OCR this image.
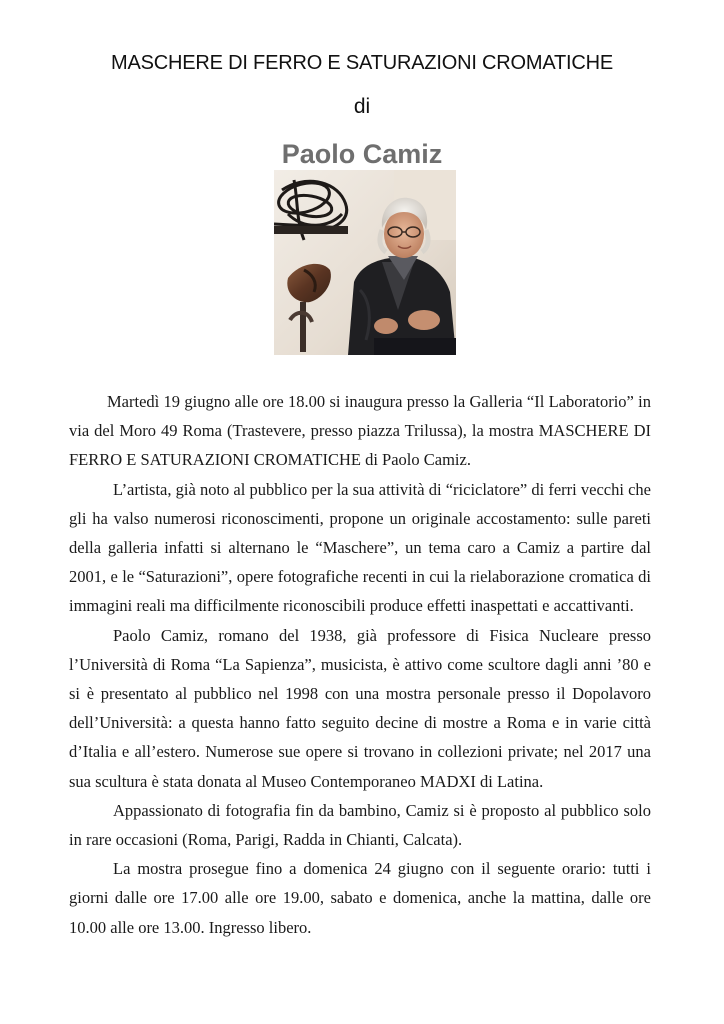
MASCHERE DI FERRO E SATURAZIONI CROMATICHE
di
Paolo Camiz

Martedì 19 giugno alle ore 18.00 si inaugura presso la Galleria “Il Laboratorio” in via del Moro 49 Roma (Trastevere, presso piazza Trilussa), la mostra MASCHERE DI FERRO E SATURAZIONI CROMATICHE di Paolo Camiz.

L’artista, già noto al pubblico per la sua attività di “riciclatore” di ferri vecchi che gli ha valso numerosi riconoscimenti, propone un originale accostamento: sulle pareti della galleria infatti si alternano le “Maschere”, un tema caro a Camiz a partire dal 2001, e le “Saturazioni”, opere fotografiche recenti in cui la rielaborazione cromatica di immagini reali ma difficilmente riconoscibili produce effetti inaspettati e accattivanti.

Paolo Camiz, romano del 1938, già professore di Fisica Nucleare presso l’Università di Roma “La Sapienza”, musicista, è attivo come scultore dagli anni ’80 e si è presentato al pubblico nel 1998 con una mostra personale presso il Dopolavoro dell’Università: a questa hanno fatto seguito decine di mostre a Roma e in varie città d’Italia e all’estero. Numerose sue opere si trovano in collezioni private; nel 2017 una sua scultura è stata donata al Museo Contemporaneo MADXI di Latina.

Appassionato di fotografia fin da bambino, Camiz si è proposto al pubblico solo in rare occasioni (Roma, Parigi, Radda in Chianti, Calcata).

La mostra prosegue fino a domenica 24 giugno con il seguente orario: tutti i giorni dalle ore 17.00 alle ore 19.00, sabato e domenica, anche la mattina, dalle ore 10.00 alle ore 13.00. Ingresso libero.
